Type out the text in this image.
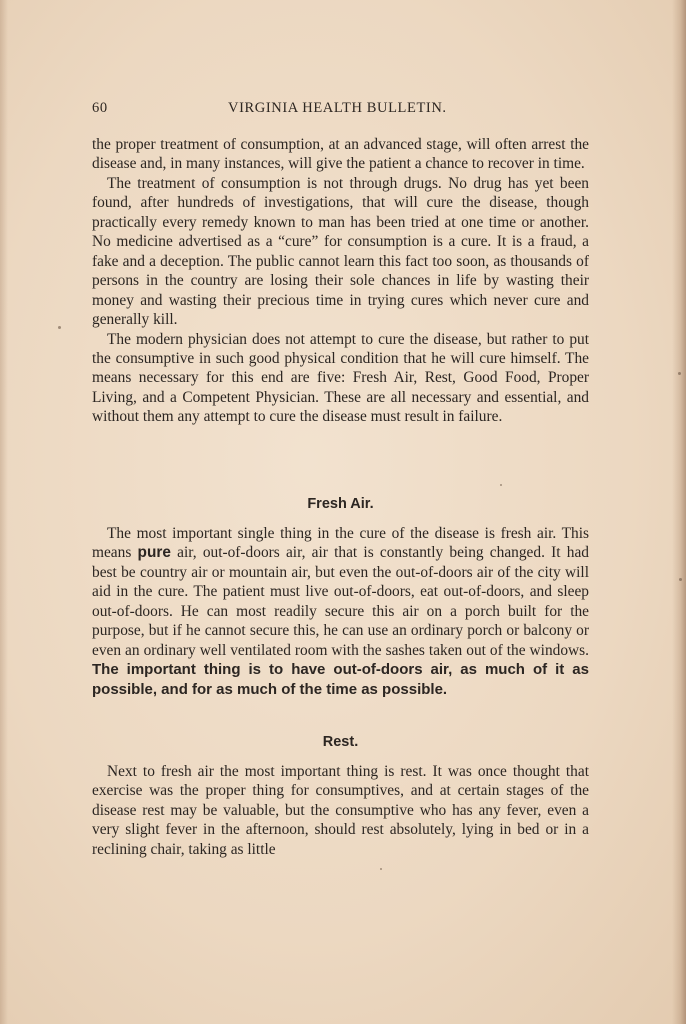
60	VIRGINIA HEALTH BULLETIN.

the proper treatment of consumption, at an advanced stage, will often arrest the disease and, in many instances, will give the patient a chance to recover in time.

The treatment of consumption is not through drugs. No drug has yet been found, after hundreds of investigations, that will cure the disease, though practically every remedy known to man has been tried at one time or another. No medicine advertised as a “cure” for consumption is a cure. It is a fraud, a fake and a deception. The public cannot learn this fact too soon, as thousands of persons in the country are losing their sole chances in life by wasting their money and wasting their precious time in trying cures which never cure and generally kill.

The modern physician does not attempt to cure the disease, but rather to put the consumptive in such good physical condition that he will cure himself. The means necessary for this end are five: Fresh Air, Rest, Good Food, Proper Living, and a Competent Physician. These are all necessary and essential, and without them any attempt to cure the disease must result in failure.

Fresh Air.

The most important single thing in the cure of the disease is fresh air. This means pure air, out-of-doors air, air that is constantly being changed. It had best be country air or mountain air, but even the out-of-doors air of the city will aid in the cure. The patient must live out-of-doors, eat out-of-doors, and sleep out-of-doors. He can most readily secure this air on a porch built for the purpose, but if he cannot secure this, he can use an ordinary porch or balcony or even an ordinary well ventilated room with the sashes taken out of the windows. The important thing is to have out-of-doors air, as much of it as possible, and for as much of the time as possible.

Rest.

Next to fresh air the most important thing is rest. It was once thought that exercise was the proper thing for consumptives, and at certain stages of the disease rest may be valuable, but the consumptive who has any fever, even a very slight fever in the afternoon, should rest absolutely, lying in bed or in a reclining chair, taking as little
